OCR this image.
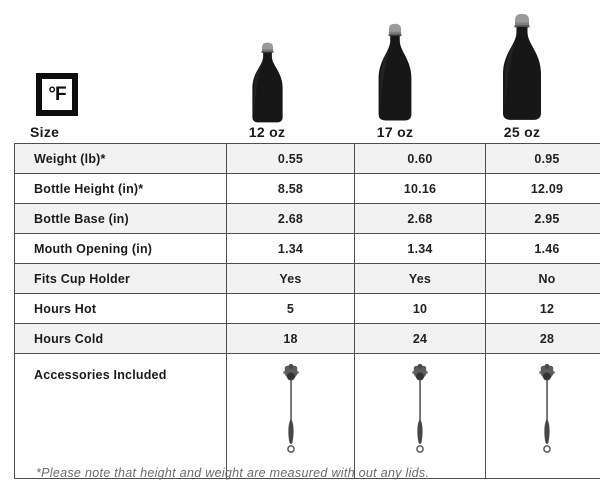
°F
Size	12 oz	17 oz	25 oz
Weight (lb)*	0.55	0.60	0.95
Bottle Height (in)*	8.58	10.16	12.09
Bottle Base (in)	2.68	2.68	2.95
Mouth Opening (in)	1.34	1.34	1.46
Fits Cup Holder	Yes	Yes	No
Hours Hot	5	10	12
Hours Cold	18	24	28
Accessories Included			
*Please note that height and weight are measured with out any lids.
